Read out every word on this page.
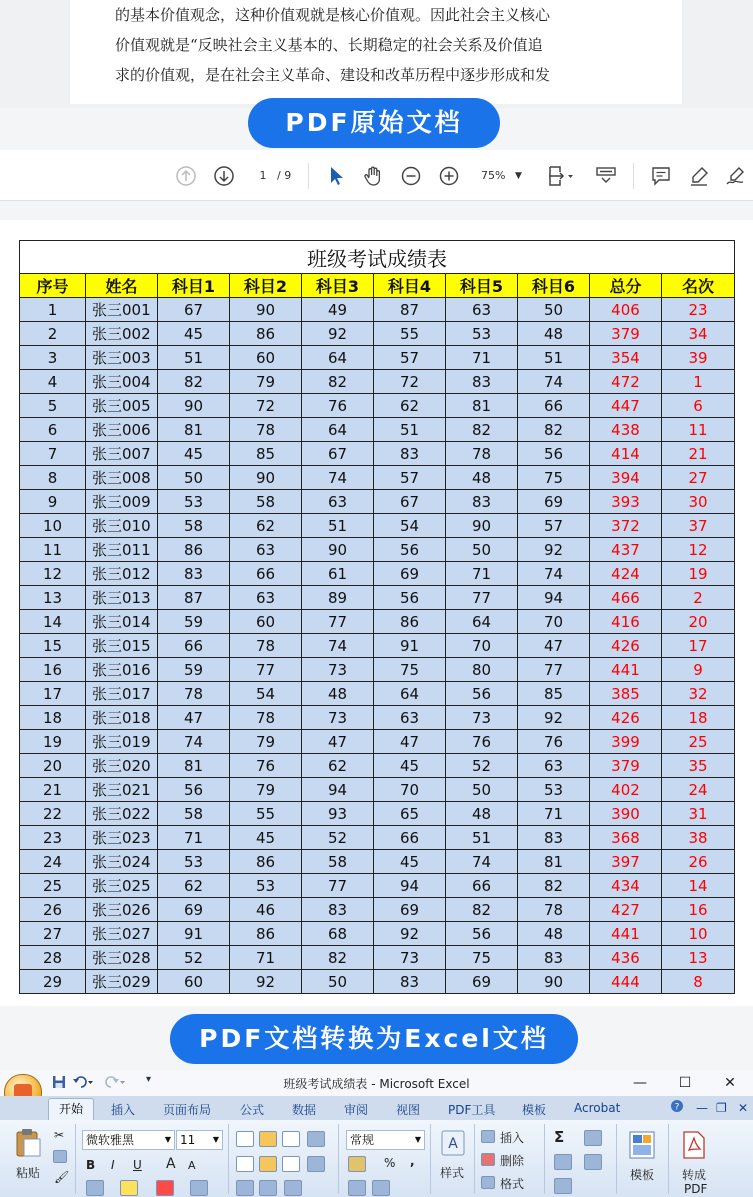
的基本价值观念，这种价值观就是核心价值观。因此社会主义核心
价值观就是“反映社会主义基本的、长期稳定的社会关系及价值追
求的价值观，是在社会主义革命、建设和改革历程中逐步形成和发
1 / 9	75% ▼
PDF原始文档
班级考试成绩表									
序号	姓名	科目1	科目2	科目3	科目4	科目5	科目6	总分	名次
1	张三001	67	90	49	87	63	50	406	23
2	张三002	45	86	92	55	53	48	379	34
3	张三003	51	60	64	57	71	51	354	39
4	张三004	82	79	82	72	83	74	472	1
5	张三005	90	72	76	62	81	66	447	6
6	张三006	81	78	64	51	82	82	438	11
7	张三007	45	85	67	83	78	56	414	21
8	张三008	50	90	74	57	48	75	394	27
9	张三009	53	58	63	67	83	69	393	30
10	张三010	58	62	51	54	90	57	372	37
11	张三011	86	63	90	56	50	92	437	12
12	张三012	83	66	61	69	71	74	424	19
13	张三013	87	63	89	56	77	94	466	2
14	张三014	59	60	77	86	64	70	416	20
15	张三015	66	78	74	91	70	47	426	17
16	张三016	59	77	73	75	80	77	441	9
17	张三017	78	54	48	64	56	85	385	32
18	张三018	47	78	73	63	73	92	426	18
19	张三019	74	79	47	47	76	76	399	25
20	张三020	81	76	62	45	52	63	379	35
21	张三021	56	79	94	70	50	53	402	24
22	张三022	58	55	93	65	48	71	390	31
23	张三023	71	45	52	66	51	83	368	38
24	张三024	53	86	58	45	74	81	397	26
25	张三025	62	53	77	94	66	82	434	14
26	张三026	69	46	83	69	82	78	427	16
27	张三027	91	86	68	92	56	48	441	10
28	张三028	52	71	82	73	75	83	436	13
29	张三029	60	92	50	83	69	90	444	8
PDF文档转换为Excel文档
班级考试成绩表 - Microsoft Excel
▾	—	☐	✕
开始	插入 页面布局 公式 数据 审阅 视图 PDF工具 模板 Acrobat	? — ❐ ✕
粘贴
✂
🖌
微软雅黑	▼ 11 ▼
B I U A A
常规	▼
% ,
A
样式
插入
删除
格式
Σ
模板 转成
PDF
